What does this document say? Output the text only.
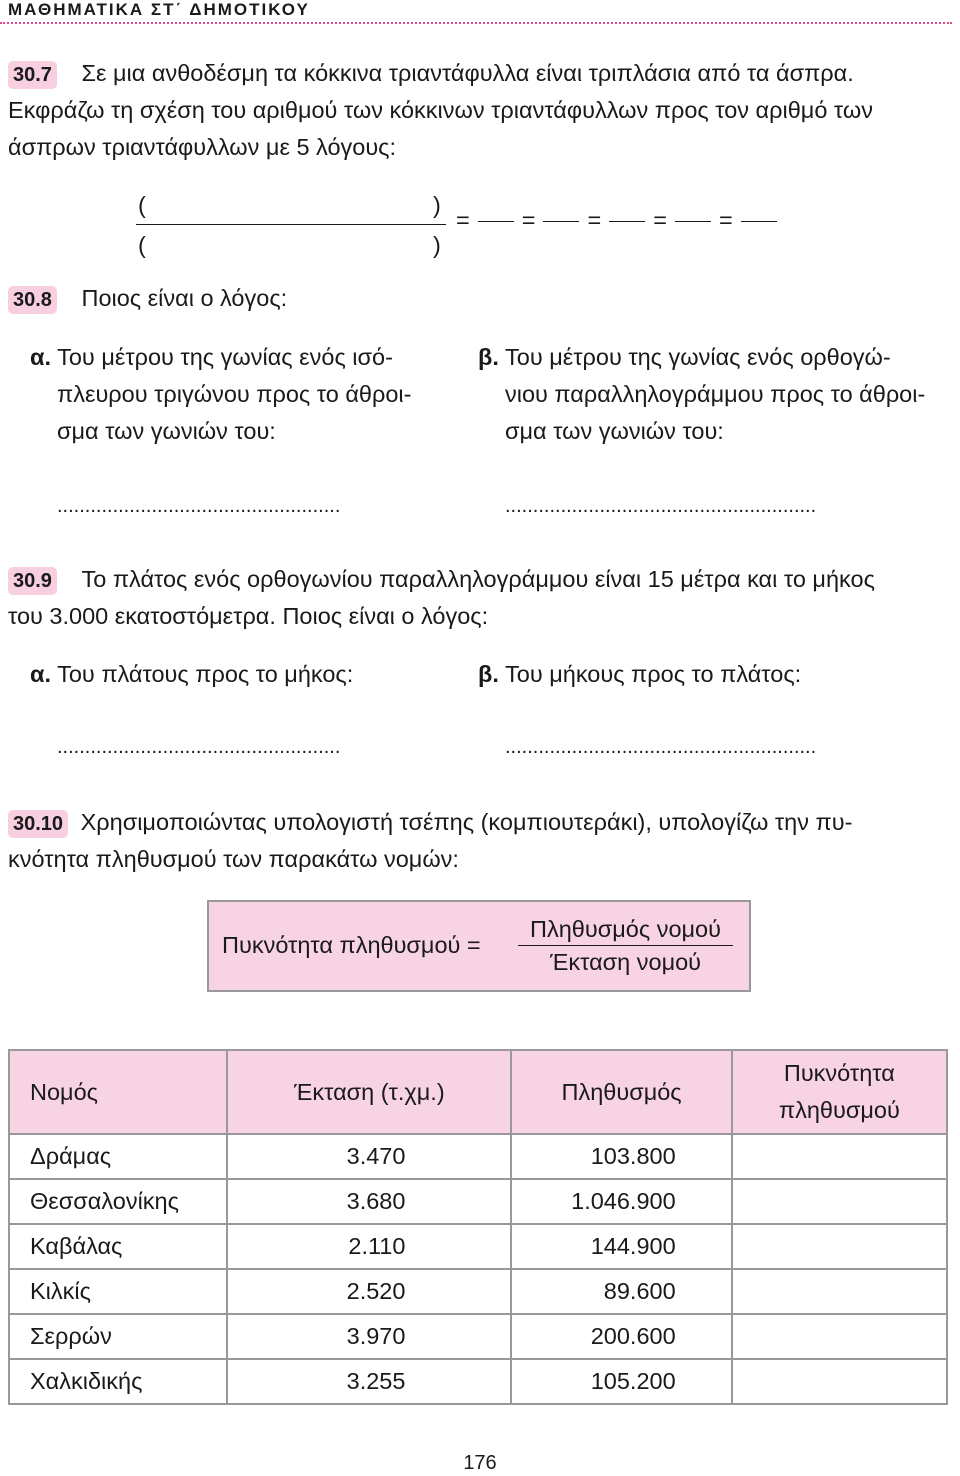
ΜΑΘΗΜΑΤΙΚΑ ΣΤ΄ ΔΗΜΟΤΙΚΟΥ
30.7 Σε μια ανθοδέσμη τα κόκκινα τριαντάφυλλα είναι τριπλάσια από τα άσπρα.
Εκφράζω τη σχέση του αριθμού των κόκκινων τριαντάφυλλων προς τον αριθμό των
άσπρων τριαντάφυλλων με 5 λόγους:
(	)
(	)
= = = = =
30.8 Ποιος είναι ο λόγος:
α. Του μέτρου της γωνίας ενός ισό-
πλευρου τριγώνου προς το άθροι-
σμα των γωνιών του:
β. Του μέτρου της γωνίας ενός ορθογώ-
νιου παραλληλογράμμου προς το άθροι-
σμα των γωνιών του:
...................................................	........................................................
30.9 Το πλάτος ενός ορθογωνίου παραλληλογράμμου είναι 15 μέτρα και το μήκος
του 3.000 εκατοστόμετρα. Ποιος είναι ο λόγος:
α. Του πλάτους προς το μήκος:	β. Του μήκους προς το πλάτος:
...................................................	........................................................
30.10 Χρησιμοποιώντας υπολογιστή τσέπης (κομπιουτεράκι), υπολογίζω την πυ-
κνότητα πληθυσμού των παρακάτω νομών:
Πυκνότητα πληθυσμού =
Πληθυσμός νομού
Έκταση νομού
Νομός	Έκταση (τ.χμ.)	Πληθυσμός	Πυκνότητα
πληθυσμού
Δράμας	3.470	103.800	
Θεσσαλονίκης	3.680	1.046.900	
Καβάλας	2.110	144.900	
Κιλκίς	2.520	89.600	
Σερρών	3.970	200.600	
Χαλκιδικής	3.255	105.200	
176
